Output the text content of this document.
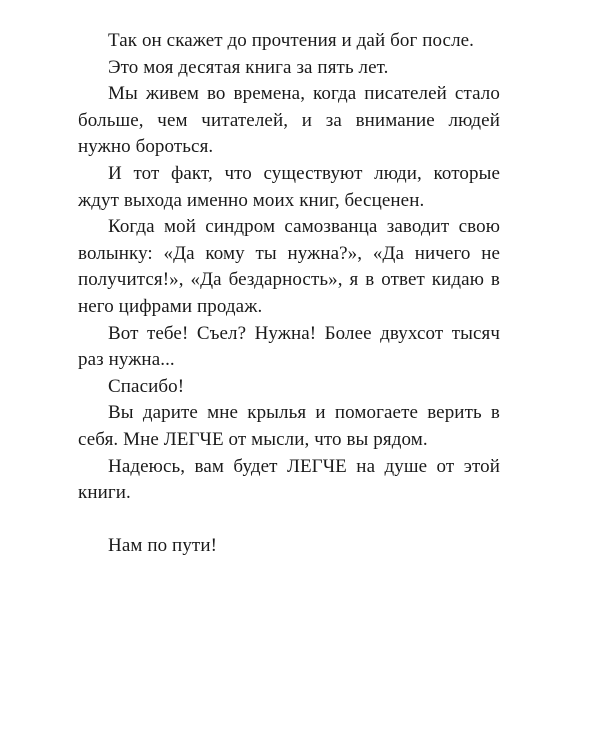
Так он скажет до прочтения и дай бог после.

Это моя десятая книга за пять лет.

Мы живем во времена, когда писателей стало больше, чем читателей, и за внимание людей нужно бороться.

И тот факт, что существуют люди, которые ждут выхода именно моих книг, бесценен.

Когда мой синдром самозванца заводит свою волынку: «Да кому ты нужна?», «Да ничего не получится!», «Да бездарность», я в ответ кидаю в него цифрами продаж.

Вот тебе! Съел? Нужна! Более двухсот тысяч раз нужна...

Спасибо!

Вы дарите мне крылья и помогаете верить в себя. Мне ЛЕГЧЕ от мысли, что вы рядом.

Надеюсь, вам будет ЛЕГЧЕ на душе от этой книги.

Нам по пути!
